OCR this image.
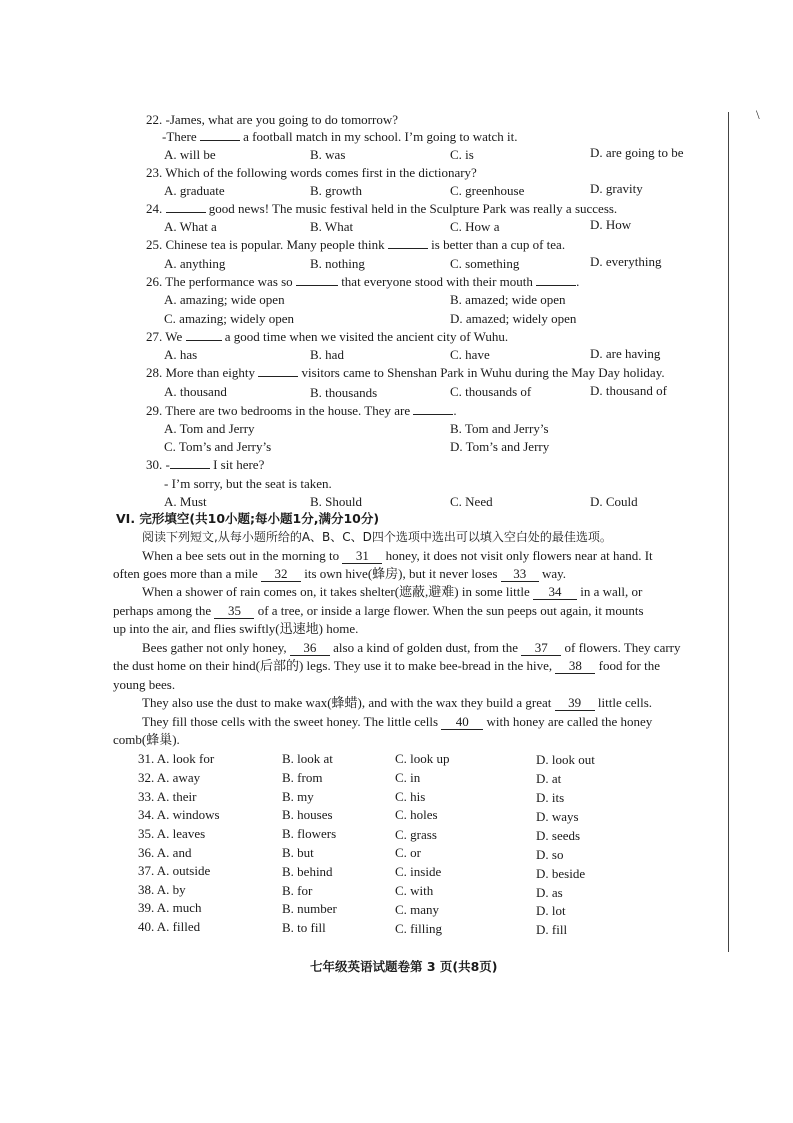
\
22. -James, what are you going to do tomorrow?
-There	a football match in my school. I’m going to watch it.
A. will be	B. was	C. is	D. are going to be
23. Which of the following words comes first in the dictionary?
A. graduate	B. growth	C. greenhouse	D. gravity
24.	good news! The music festival held in the Sculpture Park was really a success.
A. What a	B. What	C. How a	D. How
25. Chinese tea is popular. Many people think	is better than a cup of tea.
A. anything	B. nothing	C. something	D. everything
26. The performance was so	that everyone stood with their mouth	.
A. amazing; wide open	B. amazed; wide open
C. amazing; widely open	D. amazed; widely open
27. We	a good time when we visited the ancient city of Wuhu.
A. has	B. had	C. have	D. are having
28. More than eighty	visitors came to Shenshan Park in Wuhu during the May Day holiday.
A. thousand	B. thousands	C. thousands of	D. thousand of
29. There are two bedrooms in the house. They are	.
A. Tom and Jerry	B. Tom and Jerry’s
C. Tom’s and Jerry’s	D. Tom’s and Jerry
30. -	I sit here?
- I’m sorry, but the seat is taken.
A. Must	B. Should	C. Need	D. Could
VI. 完形填空(共10小题;每小题1分,满分10分)
阅读下列短文,从每小题所给的A、B、C、D四个选项中选出可以填入空白处的最佳选项。
When a bee sets out in the morning to 31 honey, it does not visit only flowers near at hand. It
often goes more than a mile 32 its own hive(蜂房), but it never loses 33 way.
When a shower of rain comes on, it takes shelter(遮蔽,避难) in some little 34 in a wall, or
perhaps among the 35 of a tree, or inside a large flower. When the sun peeps out again, it mounts
up into the air, and flies swiftly(迅速地) home.
Bees gather not only honey, 36 also a kind of golden dust, from the 37 of flowers. They carry
the dust home on their hind(后部的) legs. They use it to make bee-bread in the hive, 38 food for the
young bees.
They also use the dust to make wax(蜂蜡), and with the wax they build a great 39 little cells.
They fill those cells with the sweet honey. The little cells 40 with honey are called the honey
comb(蜂巢).
31. A. look for	B. look at	C. look up	D. look out
32. A. away	B. from	C. in	D. at
33. A. their	B. my	C. his	D. its
34. A. windows	B. houses	C. holes	D. ways
35. A. leaves	B. flowers	C. grass	D. seeds
36. A. and	B. but	C. or	D. so
37. A. outside	B. behind	C. inside	D. beside
38. A. by	B. for	C. with	D. as
39. A. much	B. number	C. many	D. lot
40. A. filled	B. to fill	C. filling	D. fill
七年级英语试题卷第 3 页(共8页)
